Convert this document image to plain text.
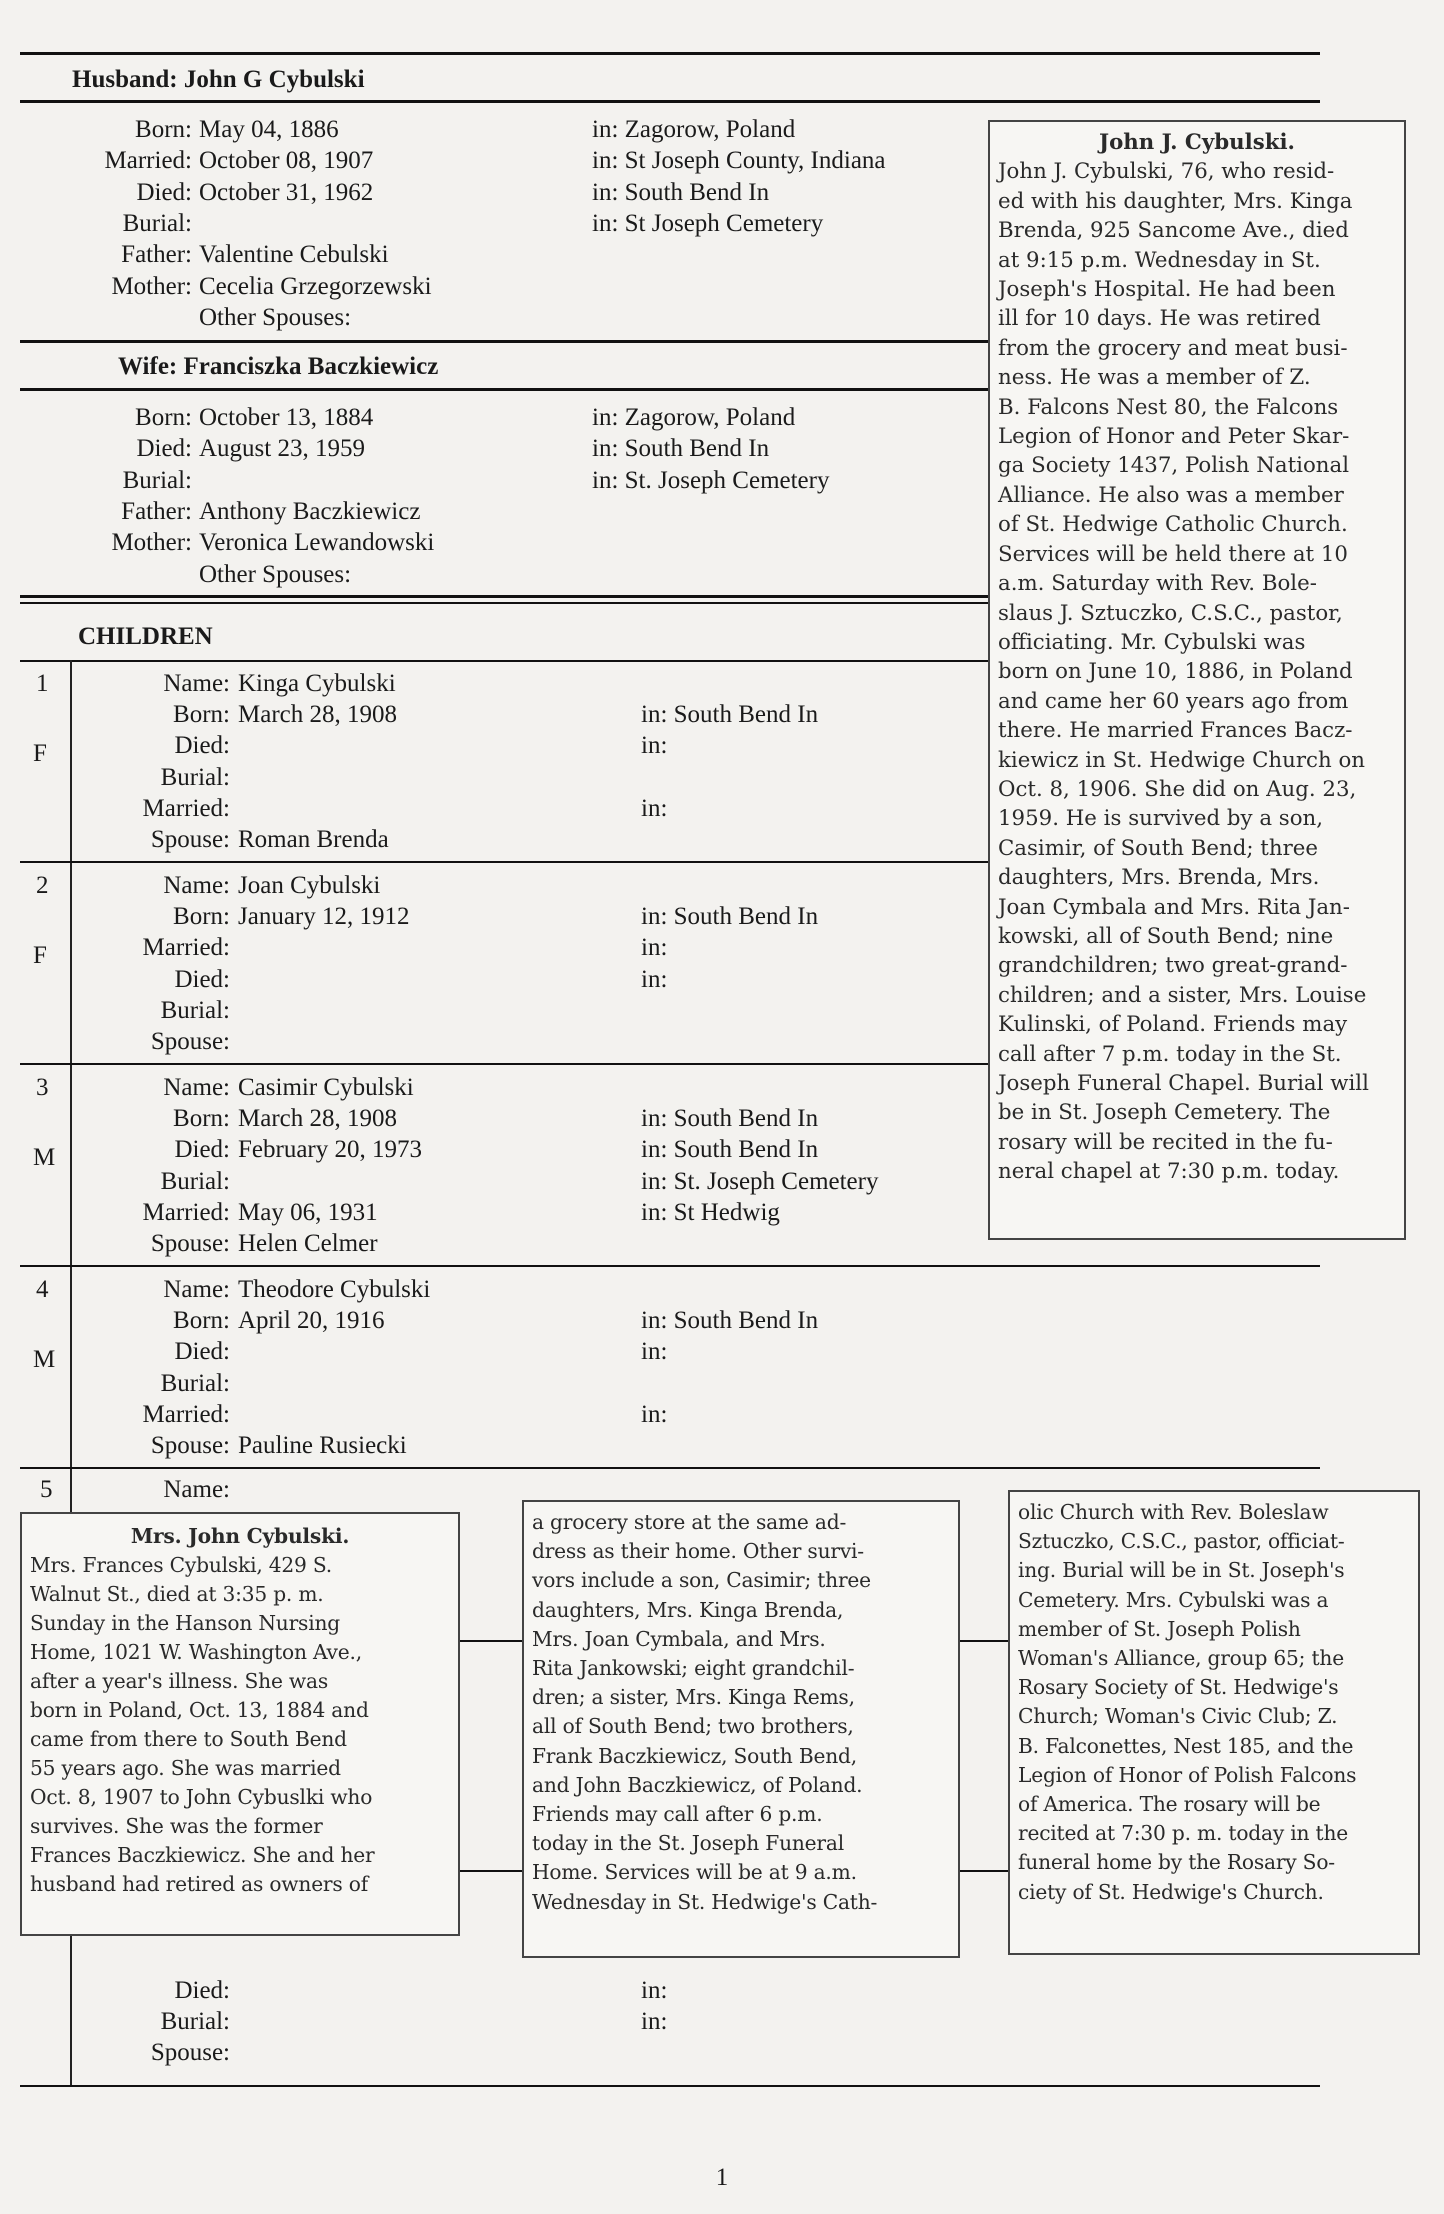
Husband: John G Cybulski
Born: May 04, 1886	in: Zagorow, Poland
Married: October 08, 1907	in: St Joseph County, Indiana
Died: October 31, 1962	in: South Bend In
Burial:	in: St Joseph Cemetery
Father: Valentine Cebulski
Mother: Cecelia Grzegorzewski
Other Spouses:
Wife: Franciszka Baczkiewicz
Born: October 13, 1884	in: Zagorow, Poland
Died: August 23, 1959	in: South Bend In
Burial:	in: St. Joseph Cemetery
Father: Anthony Baczkiewicz
Mother: Veronica Lewandowski
Other Spouses:
CHILDREN
1
F
Name: Kinga Cybulski
Born: March 28, 1908	in: South Bend In
Died:	in:
Burial:
Married:	in:
Spouse: Roman Brenda
2
F
Name: Joan Cybulski
Born: January 12, 1912	in: South Bend In
Married:	in:
Died:	in:
Burial:
Spouse:
3
M
Name: Casimir Cybulski
Born: March 28, 1908	in: South Bend In
Died: February 20, 1973	in: South Bend In
Burial:	in: St. Joseph Cemetery
Married: May 06, 1931	in: St Hedwig
Spouse: Helen Celmer
4
M
Name: Theodore Cybulski
Born: April 20, 1916	in: South Bend In
Died:	in:
Burial:
Married:	in:
Spouse: Pauline Rusiecki
5	Name:
Died:	in:
Burial:	in:
Spouse:

John J. Cybulski.

John J. Cybulski, 76, who resid-

ed with his daughter, Mrs. Kinga

Brenda, 925 Sancome Ave., died

at 9:15 p.m. Wednesday in St.

Joseph's Hospital. He had been

ill for 10 days. He was retired

from the grocery and meat busi-

ness. He was a member of Z.

B. Falcons Nest 80, the Falcons

Legion of Honor and Peter Skar-

ga Society 1437, Polish National

Alliance. He also was a member

of St. Hedwige Catholic Church.

Services will be held there at 10

a.m. Saturday with Rev. Bole-

slaus J. Sztuczko, C.S.C., pastor,

officiating. Mr. Cybulski was

born on June 10, 1886, in Poland

and came her 60 years ago from

there. He married Frances Bacz-

kiewicz in St. Hedwige Church on

Oct. 8, 1906. She did on Aug. 23,

1959. He is survived by a son,

Casimir, of South Bend; three

daughters, Mrs. Brenda, Mrs.

Joan Cymbala and Mrs. Rita Jan-

kowski, all of South Bend; nine

grandchildren; two great-grand-

children; and a sister, Mrs. Louise

Kulinski, of Poland. Friends may

call after 7 p.m. today in the St.

Joseph Funeral Chapel. Burial will

be in St. Joseph Cemetery. The

rosary will be recited in the fu-

neral chapel at 7:30 p.m. today.

Mrs. John Cybulski.

Mrs. Frances Cybulski, 429 S.

Walnut St., died at 3:35 p. m.

Sunday in the Hanson Nursing

Home, 1021 W. Washington Ave.,

after a year's illness. She was

born in Poland, Oct. 13, 1884 and

came from there to South Bend

55 years ago. She was married

Oct. 8, 1907 to John Cybuslki who

survives. She was the former

Frances Baczkiewicz. She and her

husband had retired as owners of

a grocery store at the same ad-

dress as their home. Other survi-

vors include a son, Casimir; three

daughters, Mrs. Kinga Brenda,

Mrs. Joan Cymbala, and Mrs.

Rita Jankowski; eight grandchil-

dren; a sister, Mrs. Kinga Rems,

all of South Bend; two brothers,

Frank Baczkiewicz, South Bend,

and John Baczkiewicz, of Poland.

Friends may call after 6 p.m.

today in the St. Joseph Funeral

Home. Services will be at 9 a.m.

Wednesday in St. Hedwige's Cath-

olic Church with Rev. Boleslaw

Sztuczko, C.S.C., pastor, officiat-

ing. Burial will be in St. Joseph's

Cemetery. Mrs. Cybulski was a

member of St. Joseph Polish

Woman's Alliance, group 65; the

Rosary Society of St. Hedwige's

Church; Woman's Civic Club; Z.

B. Falconettes, Nest 185, and the

Legion of Honor of Polish Falcons

of America. The rosary will be

recited at 7:30 p. m. today in the

funeral home by the Rosary So-

ciety of St. Hedwige's Church.

1
